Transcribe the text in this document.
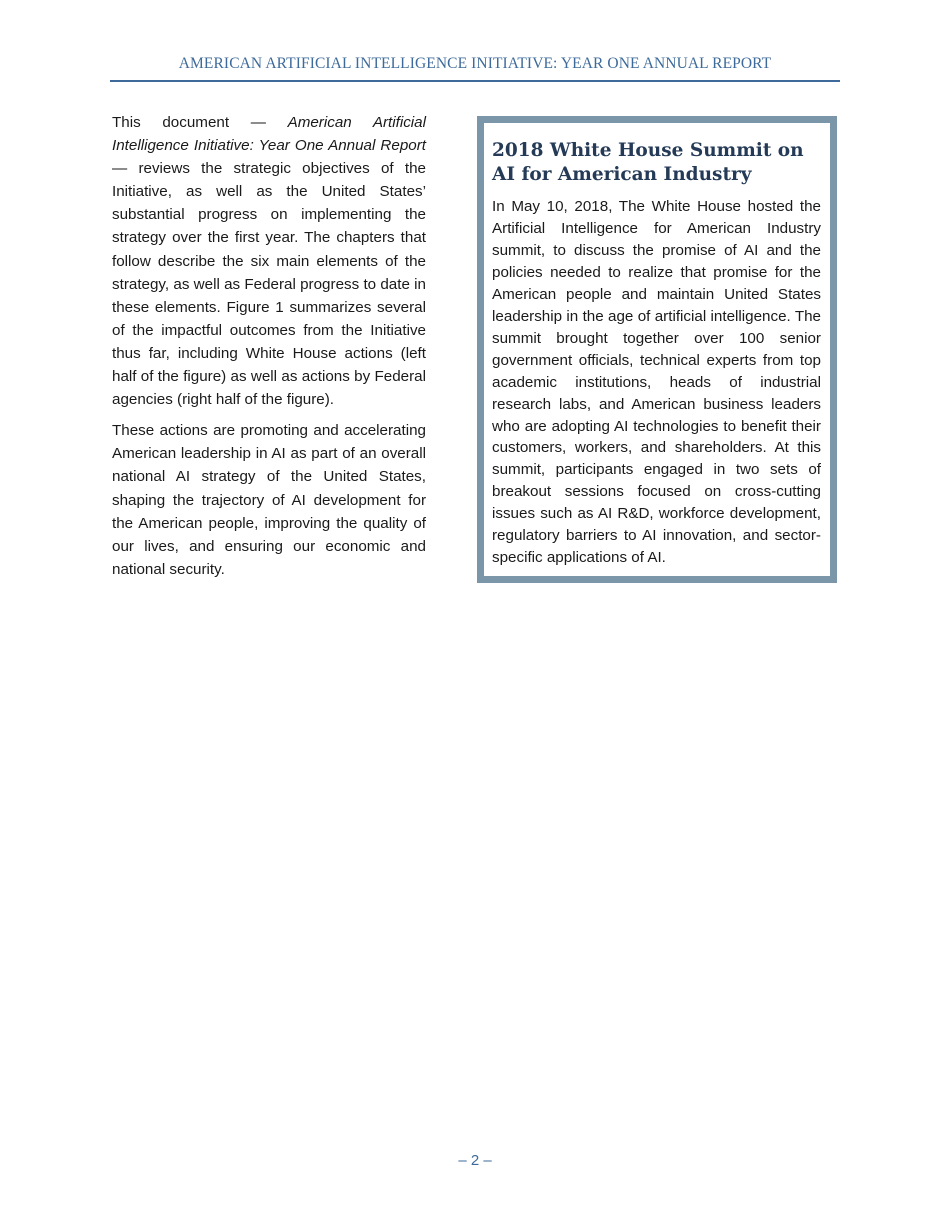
AMERICAN ARTIFICIAL INTELLIGENCE INITIATIVE: YEAR ONE ANNUAL REPORT

This document — American Artificial Intelligence Initiative: Year One Annual Report — reviews the strategic objectives of the Initiative, as well as the United States’ substantial progress on implementing the strategy over the first year. The chapters that follow describe the six main elements of the strategy, as well as Federal progress to date in these elements. Figure 1 summarizes several of the impactful outcomes from the Initiative thus far, including White House actions (left half of the figure) as well as actions by Federal agencies (right half of the figure).

These actions are promoting and accelerating American leadership in AI as part of an overall national AI strategy of the United States, shaping the trajectory of AI development for the American people, improving the quality of our lives, and ensuring our economic and national security.

2018 White House Summit on AI for American Industry

In May 10, 2018, The White House hosted the Artificial Intelligence for American Industry summit, to discuss the promise of AI and the policies needed to realize that promise for the American people and maintain United States leadership in the age of artificial intelligence. The summit brought together over 100 senior government officials, technical experts from top academic institutions, heads of industrial research labs, and American business leaders who are adopting AI technologies to benefit their customers, workers, and shareholders. At this summit, participants engaged in two sets of breakout sessions focused on cross-cutting issues such as AI R&D, workforce development, regulatory barriers to AI innovation, and sector-specific applications of AI.

– 2 –
